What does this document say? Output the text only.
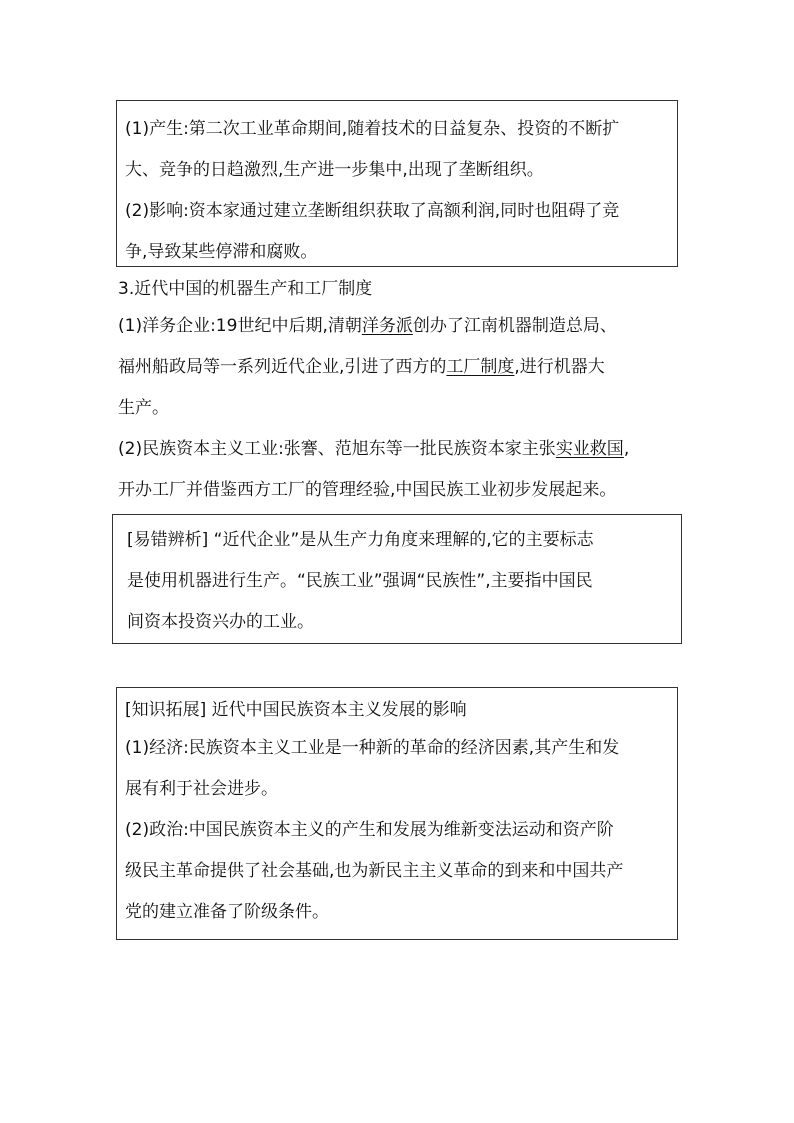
(1)产生:第二次工业革命期间,随着技术的日益复杂、投资的不断扩
大、竞争的日趋激烈,生产进一步集中,出现了垄断组织。
(2)影响:资本家通过建立垄断组织获取了高额利润,同时也阻碍了竞
争,导致某些停滞和腐败。
3.近代中国的机器生产和工厂制度
(1)洋务企业:19世纪中后期,清朝洋务派创办了江南机器制造总局、
福州船政局等一系列近代企业,引进了西方的工厂制度,进行机器大
生产。
(2)民族资本主义工业:张謇、范旭东等一批民族资本家主张实业救国,
开办工厂并借鉴西方工厂的管理经验,中国民族工业初步发展起来。
[易错辨析] “近代企业”是从生产力角度来理解的,它的主要标志
是使用机器进行生产。“民族工业”强调“民族性”,主要指中国民
间资本投资兴办的工业。
[知识拓展] 近代中国民族资本主义发展的影响
(1)经济:民族资本主义工业是一种新的革命的经济因素,其产生和发
展有利于社会进步。
(2)政治:中国民族资本主义的产生和发展为维新变法运动和资产阶
级民主革命提供了社会基础,也为新民主主义革命的到来和中国共产
党的建立准备了阶级条件。
